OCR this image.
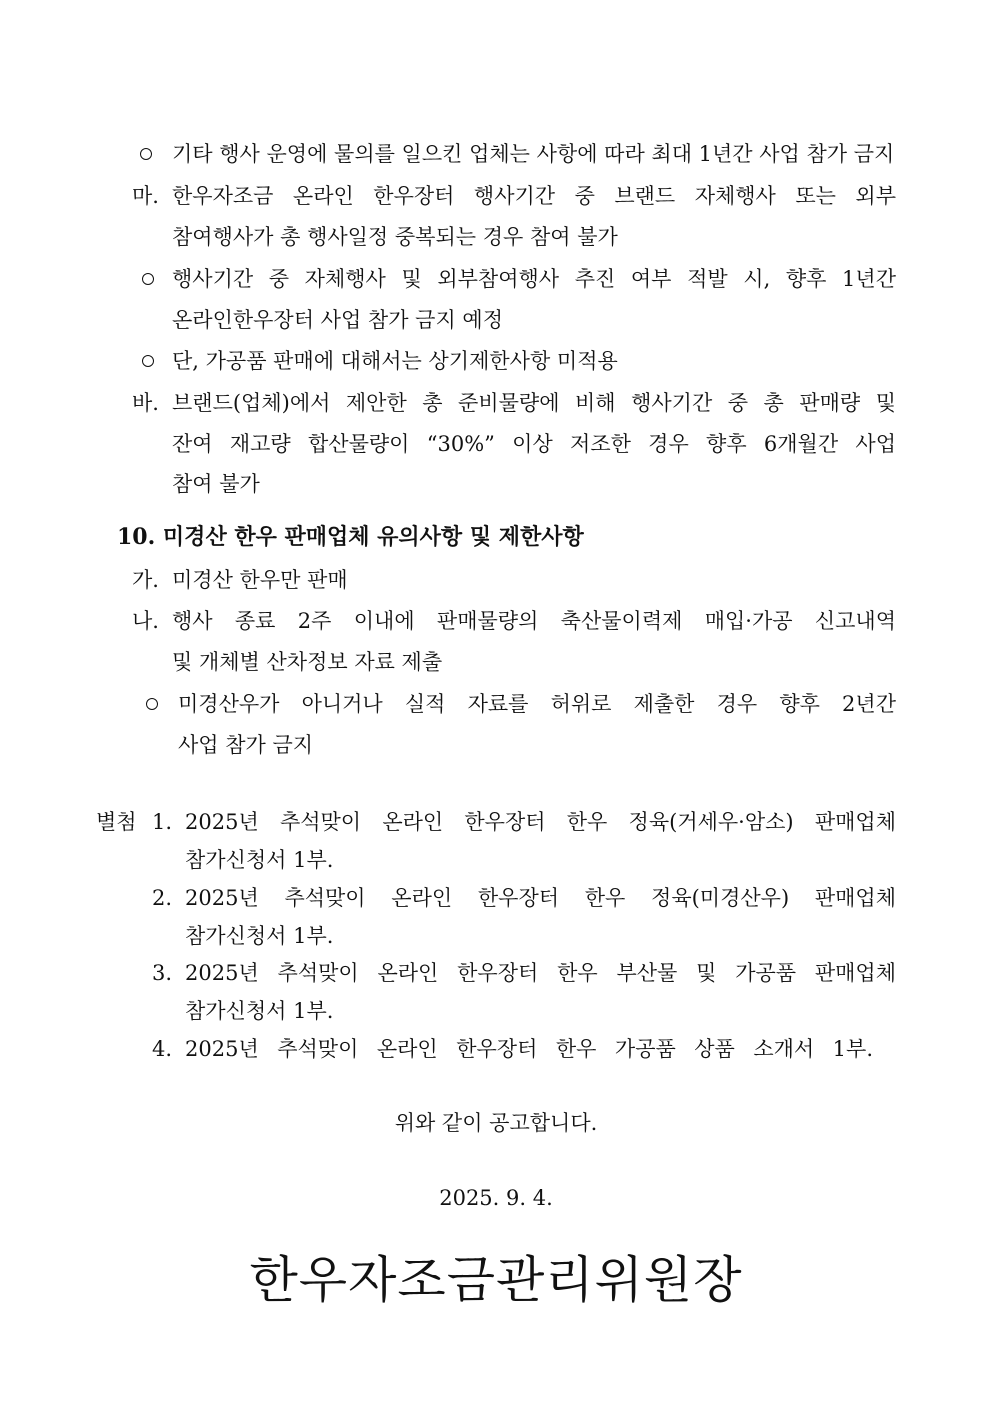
기타 행사 운영에 물의를 일으킨 업체는 사항에 따라 최대 1년간 사업 참가 금지
마. 한우자조금 온라인 한우장터 행사기간 중 브랜드 자체행사 또는 외부
참여행사가 총 행사일정 중복되는 경우 참여 불가
행사기간 중 자체행사 및 외부참여행사 추진 여부 적발 시, 향후 1년간
온라인한우장터 사업 참가 금지 예정
단, 가공품 판매에 대해서는 상기제한사항 미적용
바. 브랜드(업체)에서 제안한 총 준비물량에 비해 행사기간 중 총 판매량 및
잔여 재고량 합산물량이 “30%” 이상 저조한 경우 향후 6개월간 사업
참여 불가
10. 미경산 한우 판매업체 유의사항 및 제한사항
가. 미경산 한우만 판매
나. 행사 종료 2주 이내에 판매물량의 축산물이력제 매입·가공 신고내역
및 개체별 산차정보 자료 제출
미경산우가 아니거나 실적 자료를 허위로 제출한 경우 향후 2년간
사업 참가 금지
별첨 1. 2025년 추석맞이 온라인 한우장터 한우 정육(거세우·암소) 판매업체
참가신청서 1부.
2. 2025년 추석맞이 온라인 한우장터 한우 정육(미경산우) 판매업체
참가신청서 1부.
3. 2025년 추석맞이 온라인 한우장터 한우 부산물 및 가공품 판매업체
참가신청서 1부.
4. 2025년 추석맞이 온라인 한우장터 한우 가공품 상품 소개서 1부.
위와 같이 공고합니다.
2025. 9. 4.
한우자조금관리위원장
